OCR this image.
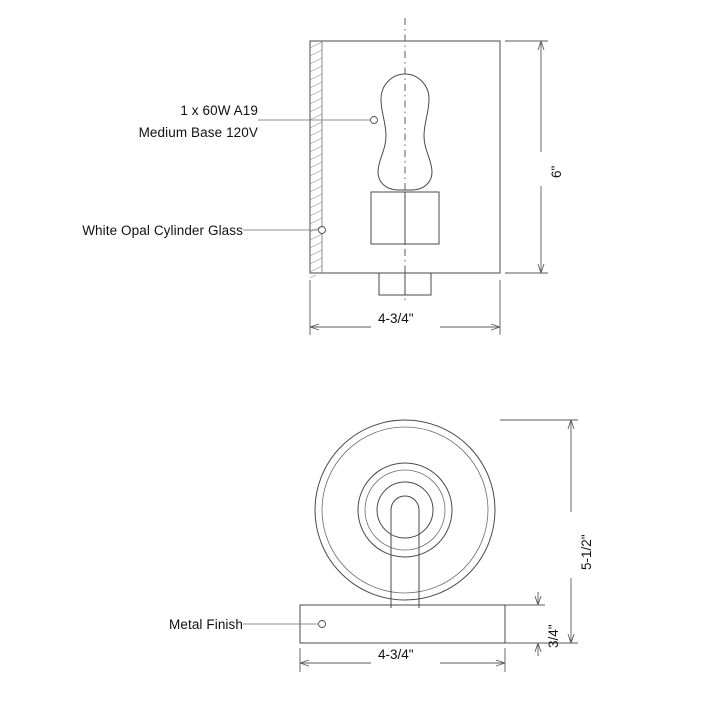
1 x 60W A19
Medium Base 120V
White Opal Cylinder Glass
Metal Finish
6"
4-3/4"
5-1/2"
3/4"
4-3/4"
